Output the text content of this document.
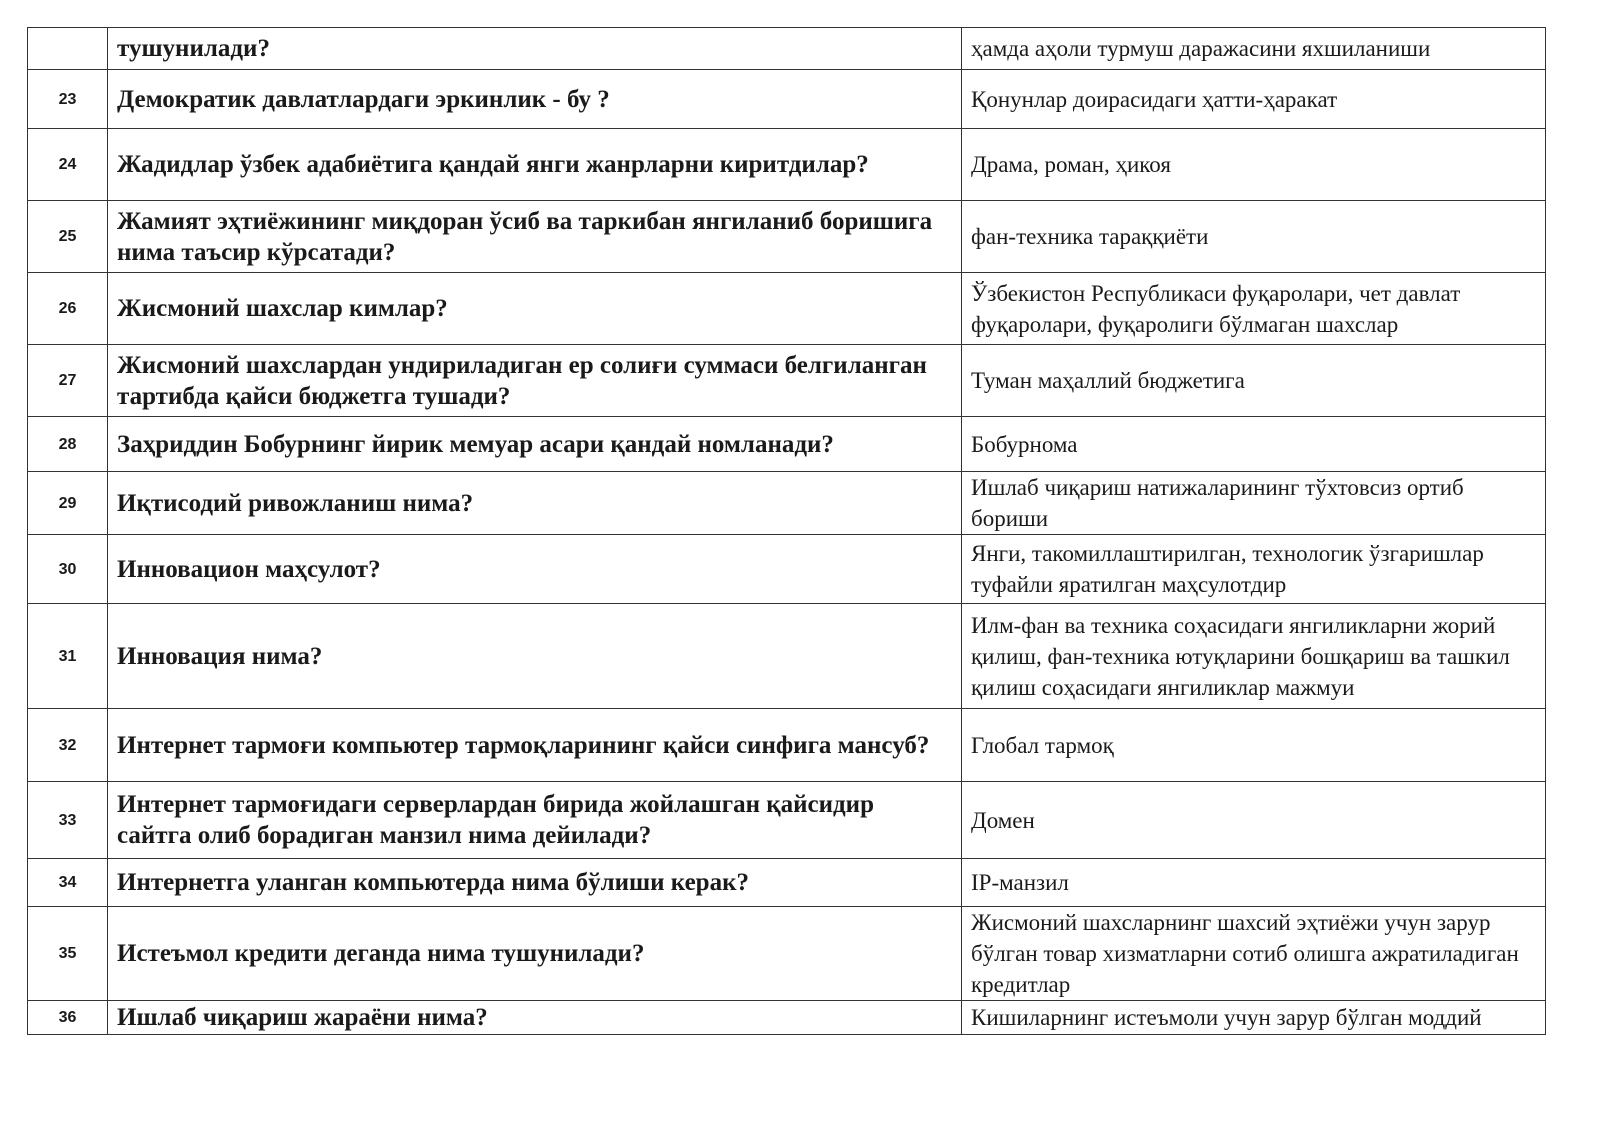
	тушунилади?	ҳамда аҳоли турмуш даражасини яхшиланиши
23	Демократик давлатлардаги эркинлик - бу ?	Қонунлар доирасидаги ҳатти-ҳаракат
24	Жадидлар ўзбек адабиётига қандай янги жанрларни киритдилар?	Драма, роман, ҳикоя
25	Жамият эҳтиёжининг миқдоран ўсиб ва таркибан янгиланиб боришига нима таъсир кўрсатади?	фан-техника тараққиёти
26	Жисмоний шахслар кимлар?	Ўзбекистон Республикаси фуқаролари, чет давлат фуқаролари, фуқаролиги бўлмаган шахслар
27	Жисмоний шахслардан ундириладиган ер солиғи суммаси белгиланган тартибда қайси бюджетга тушади?	Туман маҳаллий бюджетига
28	Заҳриддин Бобурнинг йирик мемуар асари қандай номланади?	Бобурнома
29	Иқтисодий ривожланиш нима?	Ишлаб чиқариш натижаларининг тўхтовсиз ортиб бориши
30	Инновацион маҳсулот?	Янги, такомиллаштирилган, технологик ўзгаришлар туфайли яратилган маҳсулотдир
31	Инновация нима?	Илм-фан ва техника соҳасидаги янгиликларни жорий қилиш, фан-техника ютуқларини бошқариш ва ташкил қилиш соҳасидаги янгиликлар мажмуи
32	Интернет тармоғи компьютер тармоқларининг қайси синфига мансуб?	Глобал тармоқ
33	Интернет тармоғидаги серверлардан бирида жойлашган қайсидир сайтга олиб борадиган манзил нима дейилади?	Домен
34	Интернетга уланган компьютерда нима бўлиши керак?	IP-манзил
35	Истеъмол кредити деганда нима тушунилади?	Жисмоний шахсларнинг шахсий эҳтиёжи учун зарур бўлган товар хизматларни сотиб олишга ажратиладиган кредитлар
36	Ишлаб чиқариш жараёни нима?	Кишиларнинг истеъмоли учун зарур бўлган моддий
